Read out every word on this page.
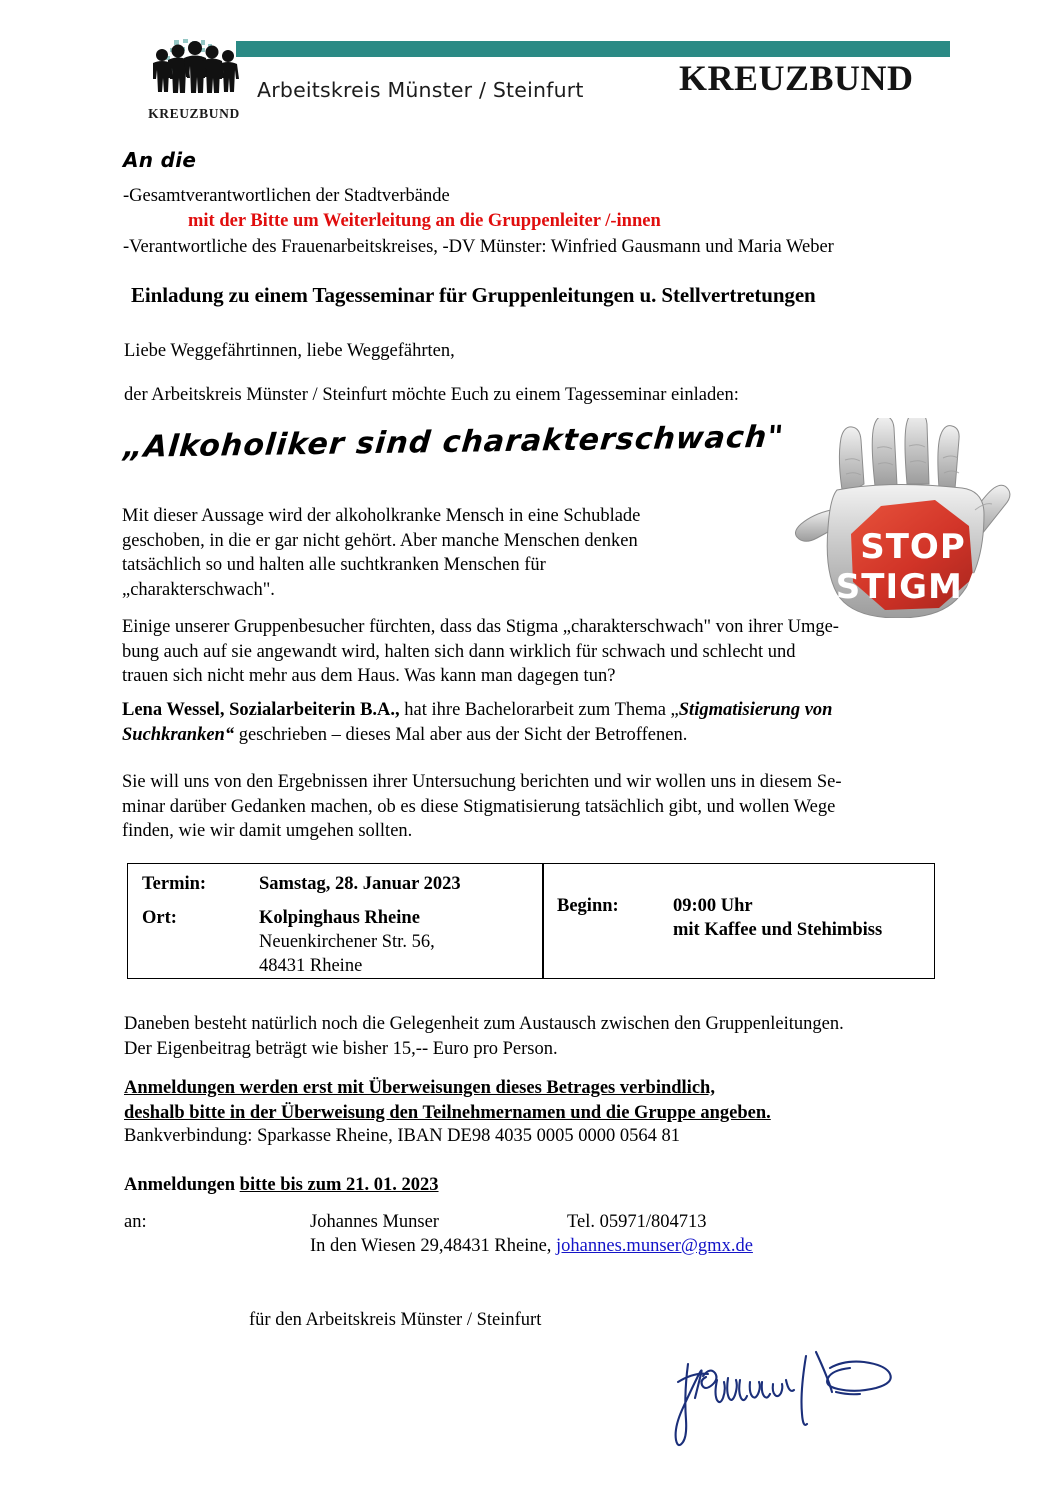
KREUZBUND
Arbeitskreis Münster / Steinfurt	KREUZBUND
An die
-Gesamtverantwortlichen der Stadtverbände
mit der Bitte um Weiterleitung an die Gruppenleiter /-innen
-Verantwortliche des Frauenarbeitskreises, -DV Münster: Winfried Gausmann und Maria Weber
Einladung zu einem Tagesseminar für Gruppenleitungen u. Stellvertretungen
Liebe Weggefährtinnen, liebe Weggefährten,
der Arbeitskreis Münster / Steinfurt möchte Euch zu einem Tagesseminar einladen:
„Alkoholiker sind charakterschwach"
STOP
STIGMA
Mit dieser Aussage wird der alkoholkranke Mensch in eine Schublade
geschoben, in die er gar nicht gehört. Aber manche Menschen denken
tatsächlich so und halten alle suchtkranken Menschen für
„charakterschwach".
Einige unserer Gruppenbesucher fürchten, dass das Stigma „charakterschwach" von ihrer Umge-
bung auch auf sie angewandt wird, halten sich dann wirklich für schwach und schlecht und
trauen sich nicht mehr aus dem Haus. Was kann man dagegen tun?
Lena Wessel, Sozialarbeiterin B.A., hat ihre Bachelorarbeit zum Thema „Stigmatisierung von
Suchkranken“ geschrieben – dieses Mal aber aus der Sicht der Betroffenen.
Sie will uns von den Ergebnissen ihrer Untersuchung berichten und wir wollen uns in diesem Se-
minar darüber Gedanken machen, ob es diese Stigmatisierung tatsächlich gibt, und wollen Wege
finden, wie wir damit umgehen sollten.
Termin:	Samstag, 28. Januar 2023
Ort:	Kolpinghaus Rheine
Neuenkirchener Str. 56,
48431 Rheine
Beginn:	09:00 Uhr
mit Kaffee und Stehimbiss
Daneben besteht natürlich noch die Gelegenheit zum Austausch zwischen den Gruppenleitungen.
Der Eigenbeitrag beträgt wie bisher 15,-- Euro pro Person.
Anmeldungen werden erst mit Überweisungen dieses Betrages verbindlich,
deshalb bitte in der Überweisung den Teilnehmernamen und die Gruppe angeben.
Bankverbindung: Sparkasse Rheine, IBAN DE98 4035 0005 0000 0564 81
Anmeldungen bitte bis zum 21. 01. 2023
an:	Johannes Munser	Tel. 05971/804713
In den Wiesen 29,48431 Rheine, johannes.munser@gmx.de
für den Arbeitskreis Münster / Steinfurt
